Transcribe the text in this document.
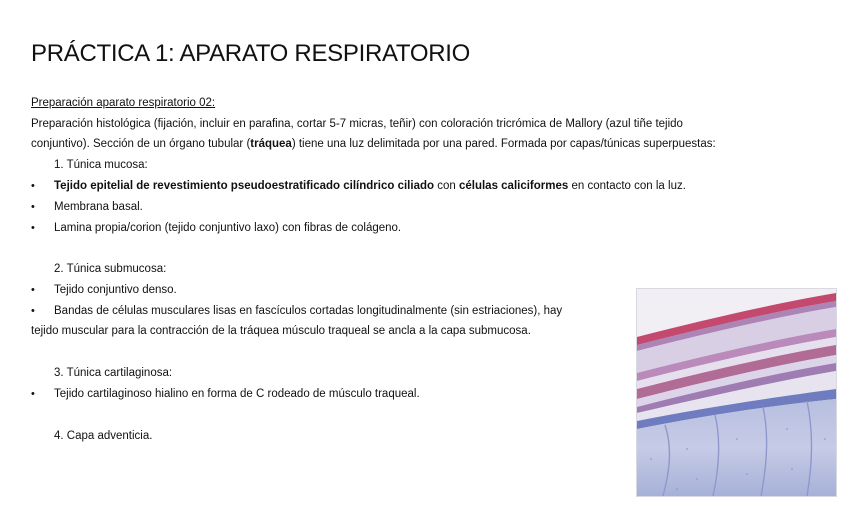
PRÁCTICA 1: APARATO RESPIRATORIO

Preparación aparato respiratorio 02:

Preparación histológica (fijación, incluir en parafina, cortar 5-7 micras, teñir) con coloración tricrómica de Mallory (azul tiñe tejido

conjuntivo). Sección de un órgano tubular (tráquea) tiene una luz delimitada por una pared. Formada por capas/túnicas superpuestas:

1. Túnica mucosa:

• Tejido epitelial de revestimiento pseudoestratificado cilíndrico ciliado con células caliciformes en contacto con la luz.

• Membrana basal.

• Lamina propia/corion (tejido conjuntivo laxo) con fibras de colágeno.

2. Túnica submucosa:

• Tejido conjuntivo denso.

• Bandas de células musculares lisas en fascículos cortadas longitudinalmente (sin estriaciones), hay

tejido muscular para la contracción de la tráquea músculo traqueal se ancla a la capa submucosa.

3. Túnica cartilaginosa:

• Tejido cartilaginoso hialino en forma de C rodeado de músculo traqueal.

4. Capa adventicia.
